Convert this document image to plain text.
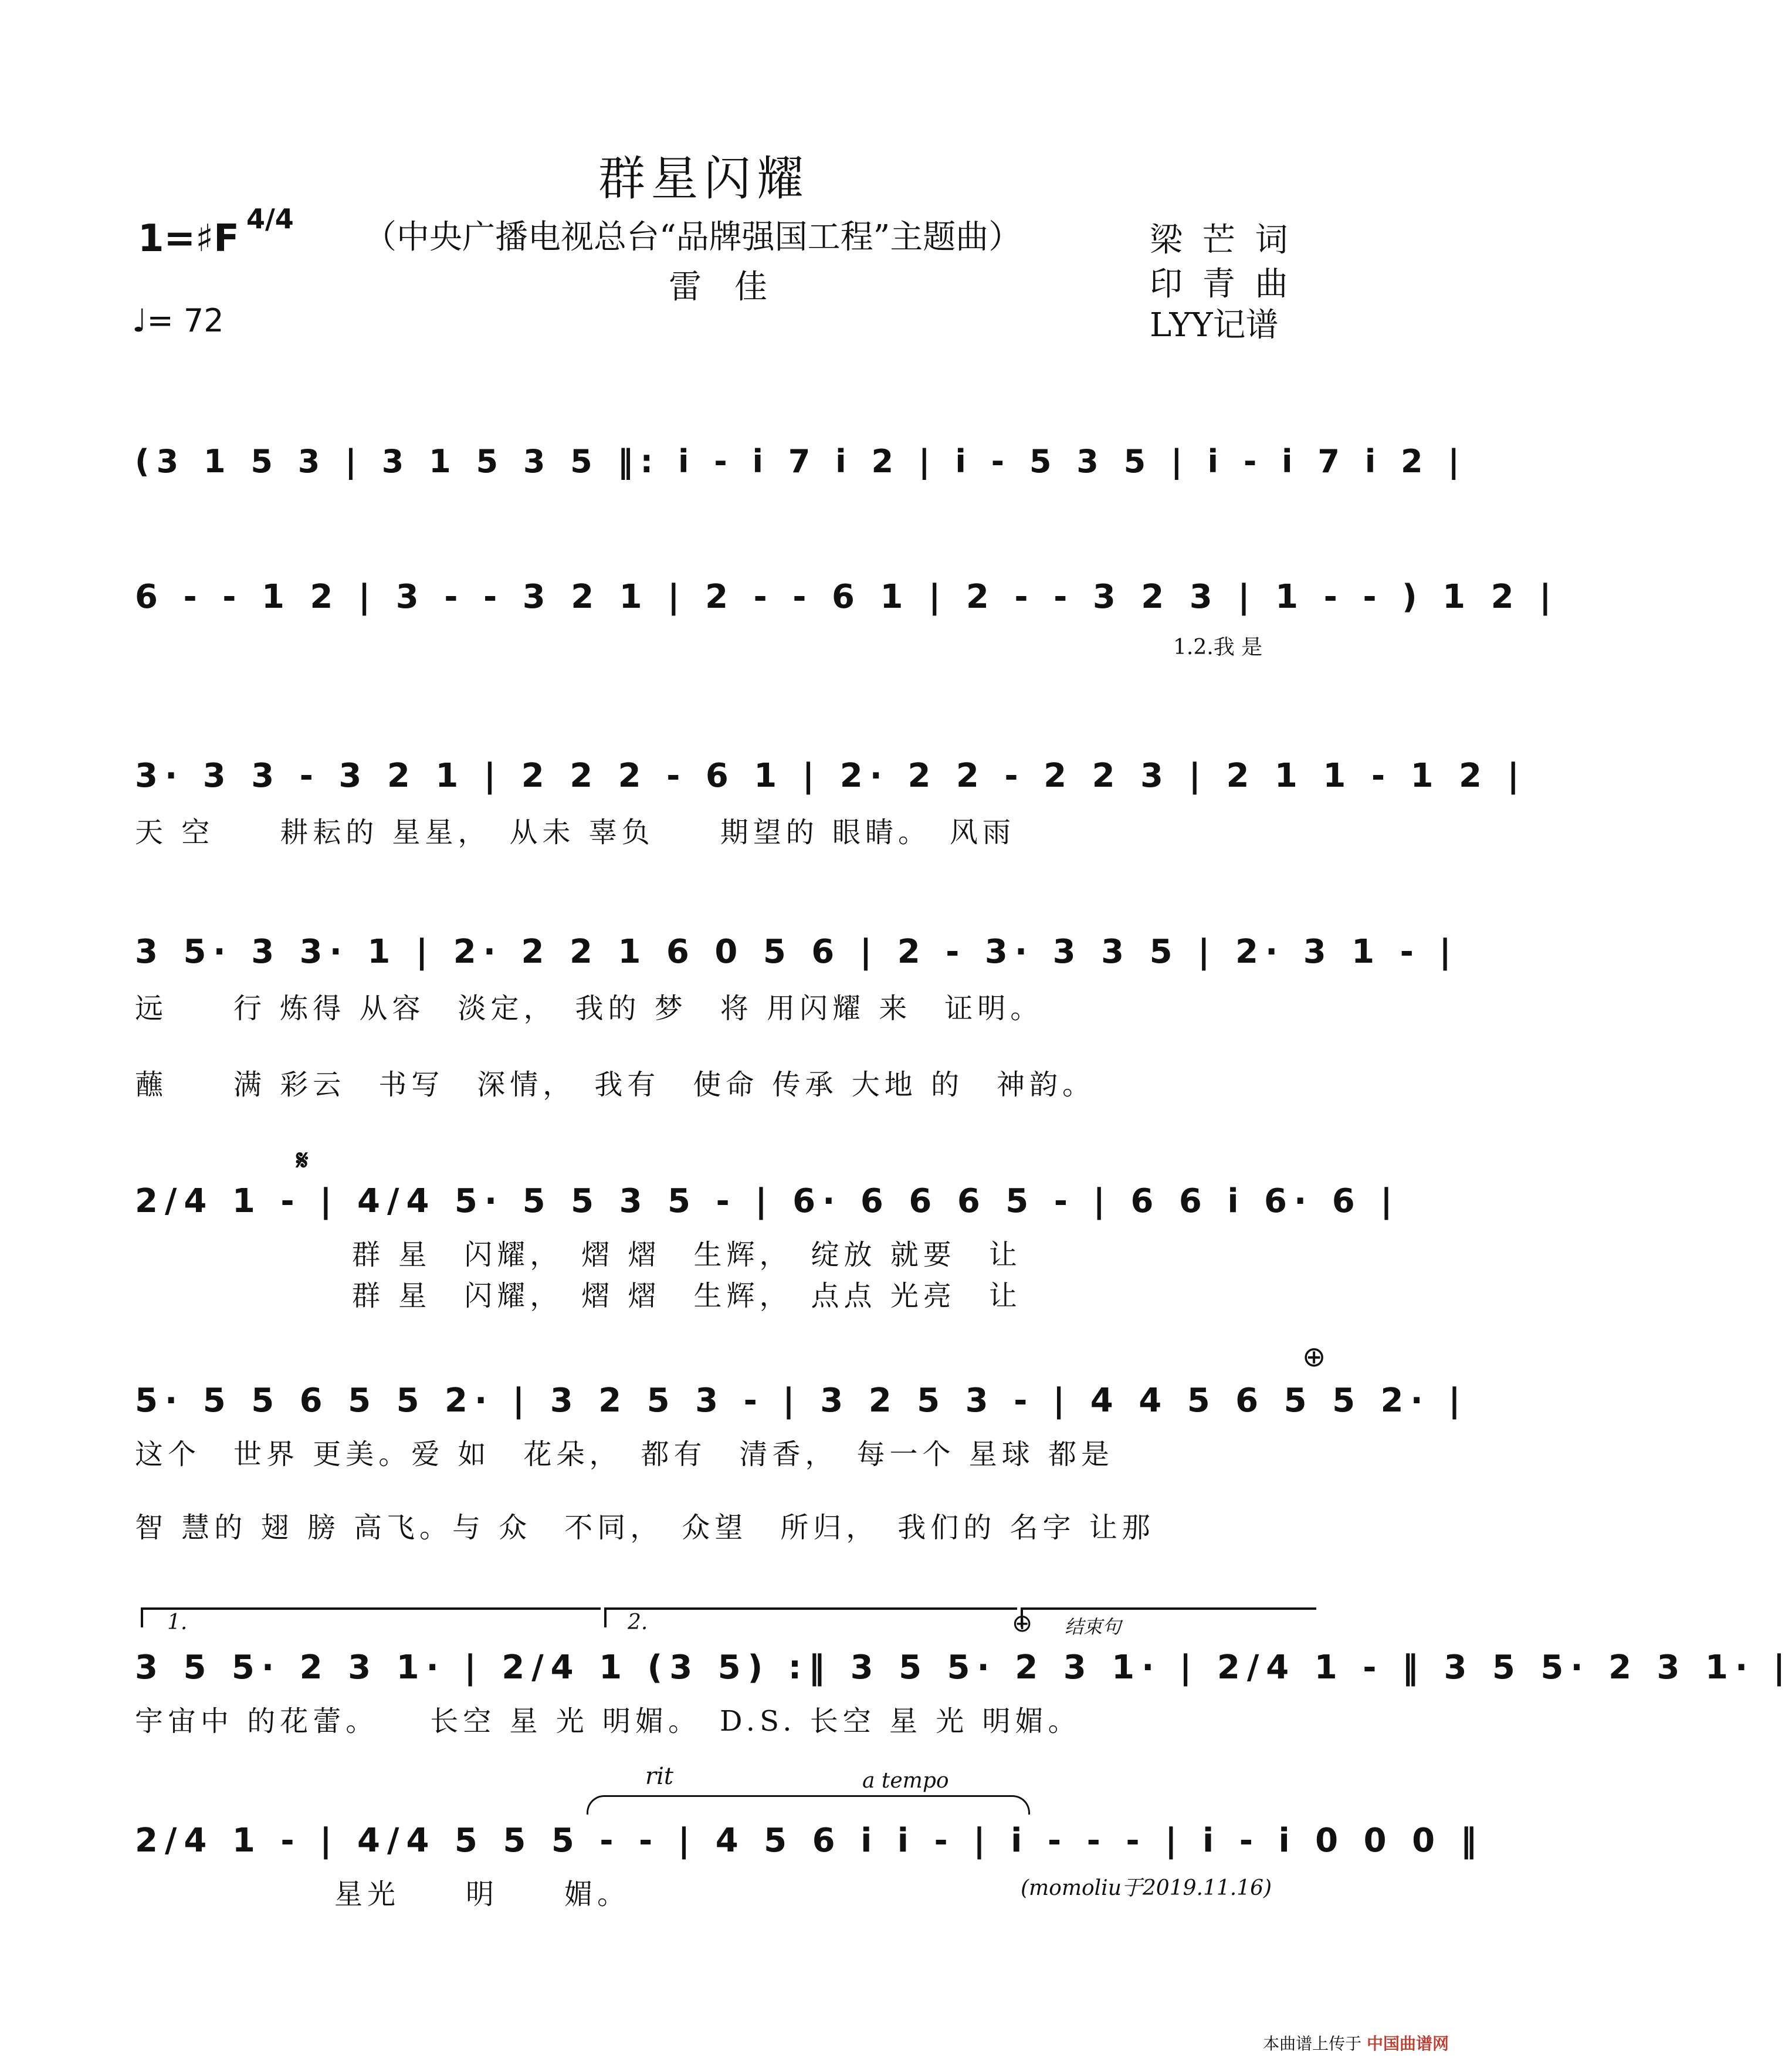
群星闪耀
1=♯F 4/4
♩= 72
（中央广播电视总台“品牌强国工程”主题曲）
雷　佳
梁 芒 词
印 青 曲
LYY记谱
(3 1 5 3 | 3 1 5 3 5 ‖: i - i 7 i 2 | i - 5 3 5 | i - i 7 i 2 |
6 - - 1 2 | 3 - - 3 2 1 | 2 - - 6 1 | 2 - - 3 2 3 | 1 - - ) 1 2 |
1.2.我 是
3· 3 3 - 3 2 1 | 2 2 2 - 6 1 | 2· 2 2 - 2 2 3 | 2 1 1 - 1 2 |
天 空　　耕耘的 星星，　从未 辜负　　期望的 眼睛。　风雨
3 5· 3 3· 1 | 2· 2 2 1 6 0 5 6 | 2 - 3· 3 3 5 | 2· 3 1 - |
远　　行 炼得 从容　淡定，　我的 梦　将 用闪耀 来　证明。
蘸　　满 彩云　书写　深情，　我有　使命 传承 大地 的　神韵。
𝄋
2/4 1 - | 4/4 5· 5 5 3 5 - | 6· 6 6 6 5 - | 6 6 i 6· 6 |
群 星　闪耀，　熠 熠　生辉，　绽放 就要　让
群 星　闪耀，　熠 熠　生辉，　点点 光亮　让
⊕
5· 5 5 6 5 5 2· | 3 2 5 3 - | 3 2 5 3 - | 4 4 5 6 5 5 2· |
这个　世界 更美。爱 如　花朵，　都有　清香，　每一个 星球 都是
智 慧的 翅 膀 高飞。与 众　不同，　众望　所归，　我们的 名字 让那
1.	2.	⊕ 结束句
3 5 5· 2 3 1· | 2/4 1 (3 5) :‖ 3 5 5· 2 3 1· | 2/4 1 - ‖ 3 5 5· 2 3 1· |
宇宙中 的花蕾。　　长空 星 光 明媚。　D.S. 长空 星 光 明媚。
rit	a tempo
2/4 1 - | 4/4 5 5 5 - - | 4 5 6 i i - | i - - - | i - i 0 0 0 ‖
星光　　明　　媚。	(momoliu于2019.11.16)
本曲谱上传于 中国曲谱网
